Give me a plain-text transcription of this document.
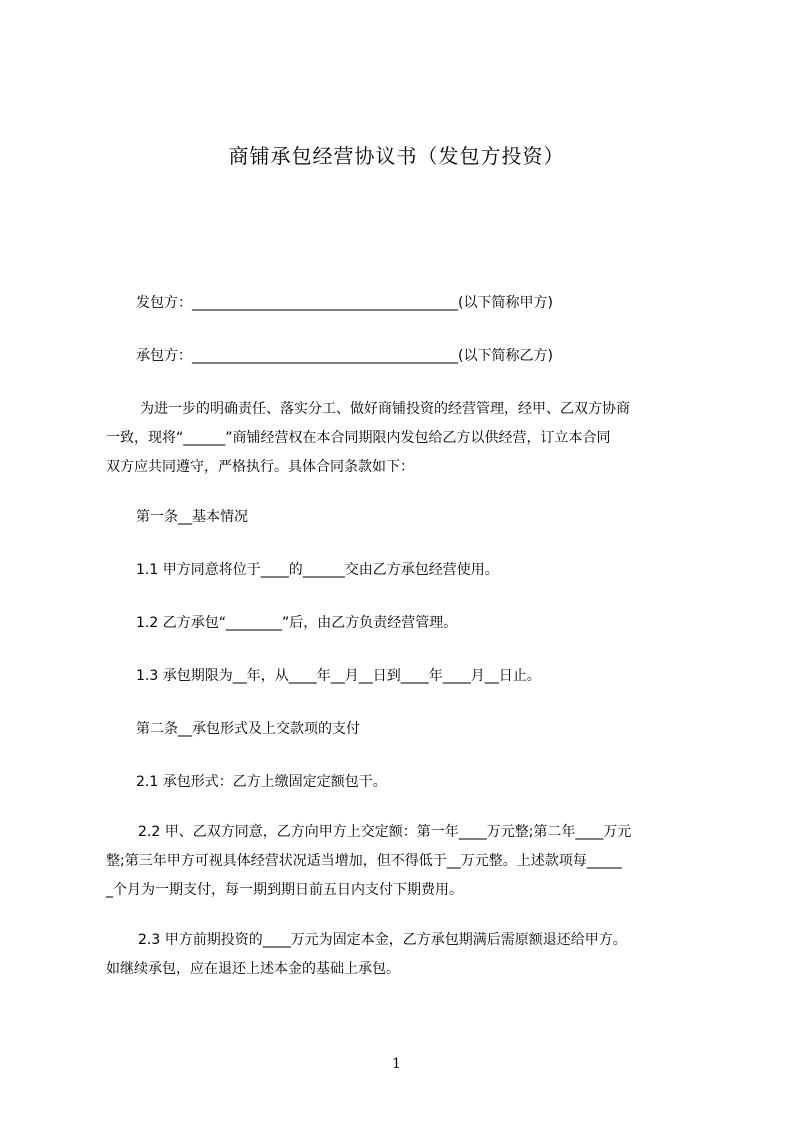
商铺承包经营协议书（发包方投资）
发包方：______________________________________(以下简称甲方)
承包方：______________________________________(以下简称乙方)
为进一步的明确责任、落实分工、做好商铺投资的经营管理，经甲、乙双方协商
一致，现将“______”商铺经营权在本合同期限内发包给乙方以供经营，订立本合同
双方应共同遵守，严格执行。具体合同条款如下：
第一条__基本情况
1.1 甲方同意将位于____的______交由乙方承包经营使用。
1.2 乙方承包“________”后，由乙方负责经营管理。
1.3 承包期限为__年，从____年__月__日到____年____月__日止。
第二条__承包形式及上交款项的支付
2.1 承包形式：乙方上缴固定定额包干。
2.2 甲、乙双方同意，乙方向甲方上交定额：第一年____万元整;第二年____万元
整;第三年甲方可视具体经营状况适当增加，但不得低于__万元整。上述款项每_____
_个月为一期支付，每一期到期日前五日内支付下期费用。
2.3 甲方前期投资的____万元为固定本金，乙方承包期满后需原额退还给甲方。
如继续承包，应在退还上述本金的基础上承包。
1
